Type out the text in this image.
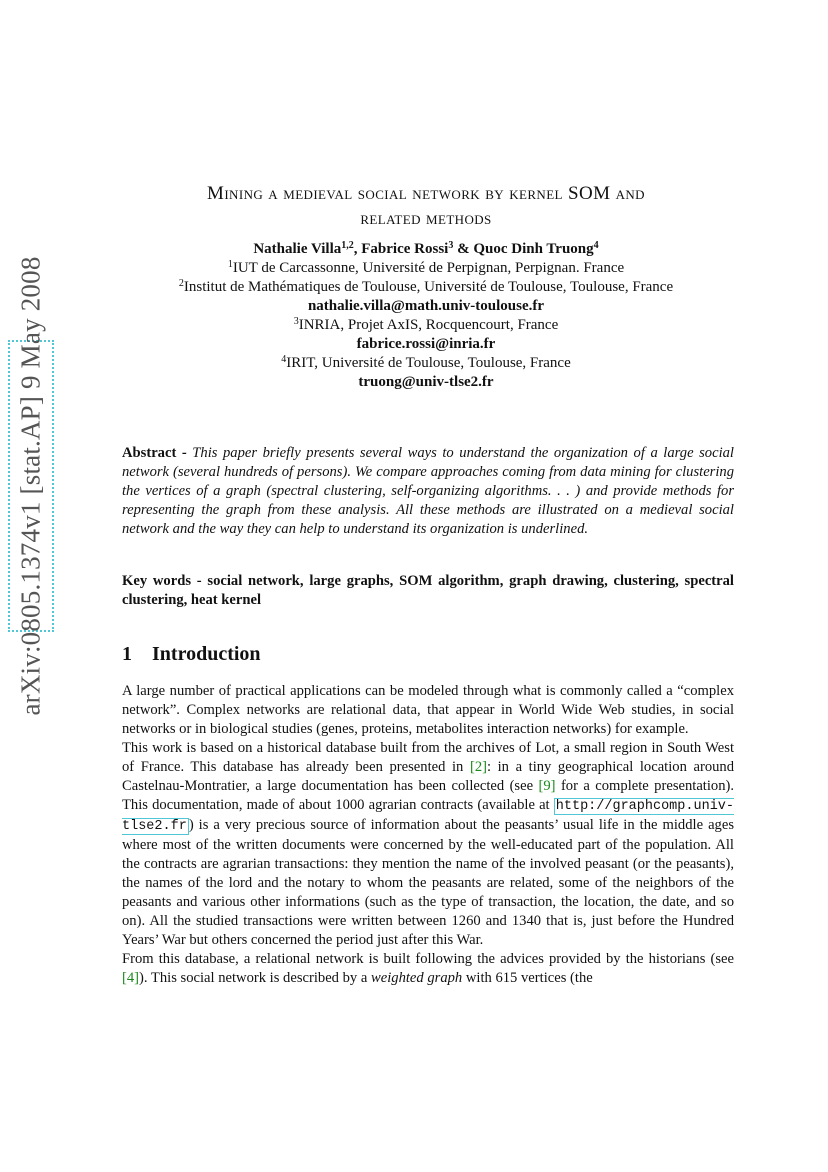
arXiv:0805.1374v1 [stat.AP] 9 May 2008
Mining a medieval social network by kernel SOM and
related methods
Nathalie Villa$^{1,2}$, Fabrice Rossi$^3$ & Quoc Dinh Truong$^4$
$^1$IUT de Carcassonne, Université de Perpignan, Perpignan. France
$^2$Institut de Mathématiques de Toulouse, Université de Toulouse, Toulouse, France
nathalie.villa@math.univ-toulouse.fr
$^3$INRIA, Projet AxIS, Rocquencourt, France
fabrice.rossi@inria.fr
$^4$IRIT, Université de Toulouse, Toulouse, France
truong@univ-tlse2.fr
Abstract - This paper briefly presents several ways to understand the organization of a large social network (several hundreds of persons). We compare approaches coming from data mining for clustering the vertices of a graph (spectral clustering, self-organizing algorithms. . . ) and provide methods for representing the graph from these analysis. All these methods are illustrated on a medieval social network and the way they can help to understand its organization is underlined.
Key words - social network, large graphs, SOM algorithm, graph drawing, clustering, spectral clustering, heat kernel
1 Introduction

A large number of practical applications can be modeled through what is commonly called a “complex network”. Complex networks are relational data, that appear in World Wide Web studies, in social networks or in biological studies (genes, proteins, metabolites interaction networks) for example.

This work is based on a historical database built from the archives of Lot, a small region in South West of France. This database has already been presented in [2]: in a tiny geographical location around Castelnau-Montratier, a large documentation has been collected (see [9] for a complete presentation). This documentation, made of about 1000 agrarian contracts (available at http://graphcomp.univ-tlse2.fr ) is a very precious source of information about the peasants’ usual life in the middle ages where most of the written documents were concerned by the well-educated part of the population. All the contracts are agrarian transactions: they mention the name of the involved peasant (or the peasants), the names of the lord and the notary to whom the peasants are related, some of the neighbors of the peasants and various other informations (such as the type of transaction, the location, the date, and so on). All the studied transactions were written between 1260 and 1340 that is, just before the Hundred Years’ War but others concerned the period just after this War.

From this database, a relational network is built following the advices provided by the historians (see [4]). This social network is described by a weighted graph with 615 vertices (the
